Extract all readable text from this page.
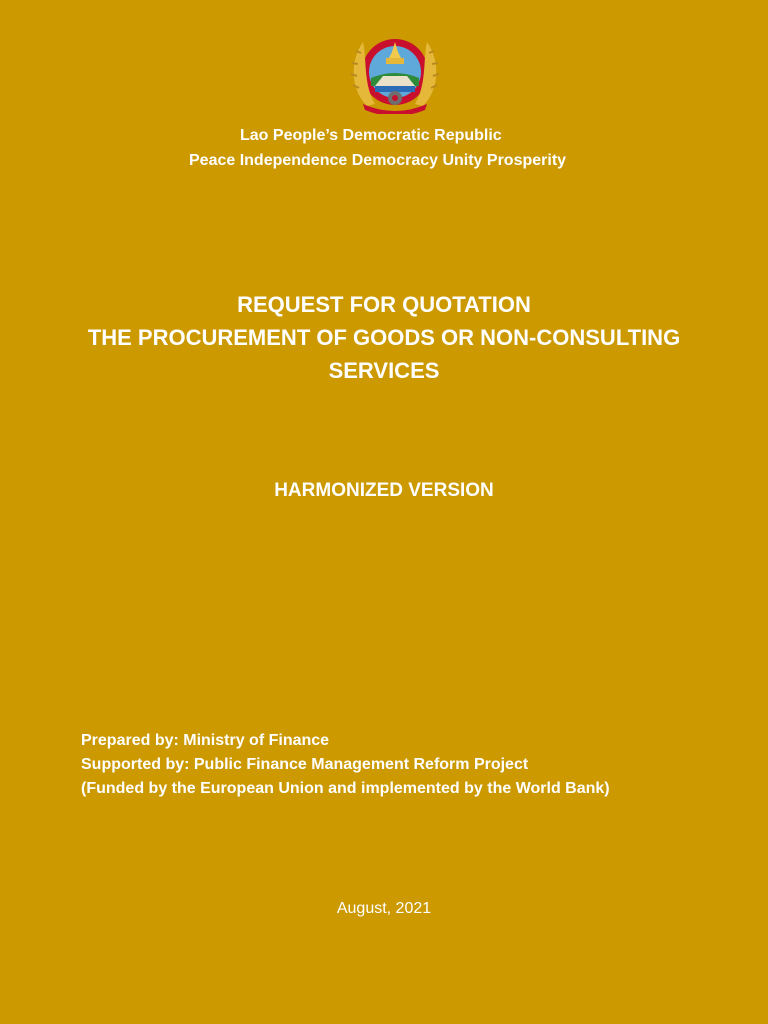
Lao People’s Democratic Republic
Peace Independence Democracy Unity Prosperity
REQUEST FOR QUOTATION
THE PROCUREMENT OF GOODS OR NON-CONSULTING
SERVICES
HARMONIZED VERSION
Prepared by: Ministry of Finance
Supported by: Public Finance Management Reform Project
(Funded by the European Union and implemented by the World Bank)
August, 2021
